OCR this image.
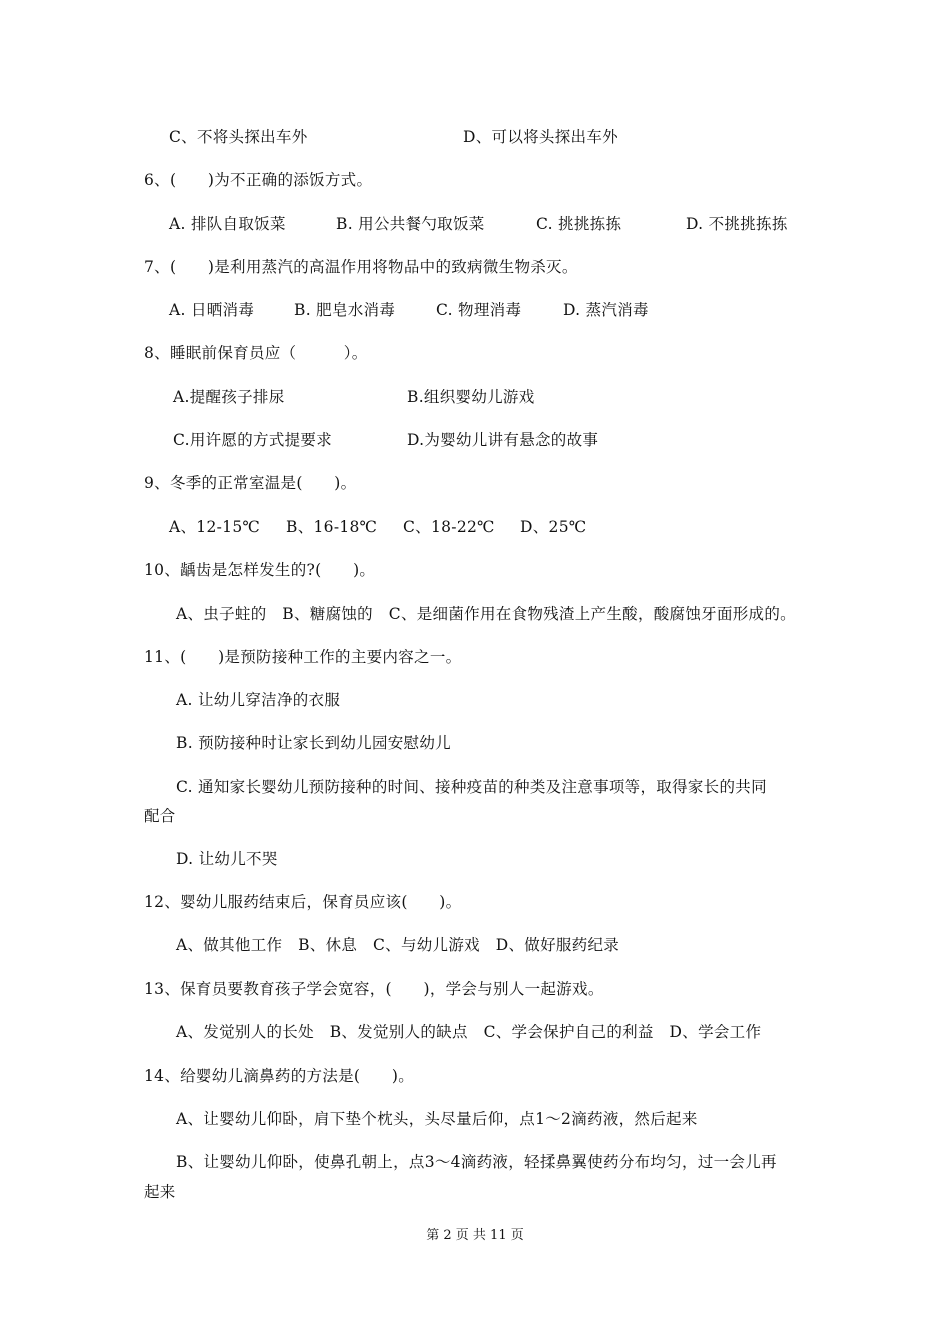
C、不将头探出车外	D、可以将头探出车外
6、(　　)为不正确的添饭方式。
A. 排队自取饭菜	B. 用公共餐勺取饭菜	C. 挑挑拣拣	D. 不挑挑拣拣
7、(　　)是利用蒸汽的高温作用将物品中的致病微生物杀灭。
A. 日晒消毒	B. 肥皂水消毒	C. 物理消毒	D. 蒸汽消毒
8、睡眠前保育员应（　　　）。
A.提醒孩子排尿	B.组织婴幼儿游戏
C.用许愿的方式提要求	D.为婴幼儿讲有悬念的故事
9、冬季的正常室温是(　　)。
A、12-15℃ B、16-18℃ C、18-22℃ D、25℃
10、龋齿是怎样发生的?(　　)。
A、虫子蛀的　B、糖腐蚀的　C、是细菌作用在食物残渣上产生酸，酸腐蚀牙面形成的。
11、(　　)是预防接种工作的主要内容之一。
A. 让幼儿穿洁净的衣服
B. 预防接种时让家长到幼儿园安慰幼儿
C. 通知家长婴幼儿预防接种的时间、接种疫苗的种类及注意事项等，取得家长的共同
配合
D. 让幼儿不哭
12、婴幼儿服药结束后，保育员应该(　　)。
A、做其他工作　B、休息　C、与幼儿游戏　D、做好服药纪录
13、保育员要教育孩子学会宽容，(　　)，学会与别人一起游戏。
A、发觉别人的长处　B、发觉别人的缺点　C、学会保护自己的利益　D、学会工作
14、给婴幼儿滴鼻药的方法是(　　)。
A、让婴幼儿仰卧，肩下垫个枕头，头尽量后仰，点1～2滴药液，然后起来
B、让婴幼儿仰卧，使鼻孔朝上，点3～4滴药液，轻揉鼻翼使药分布均匀，过一会儿再
起来
第 2 页 共 11 页
